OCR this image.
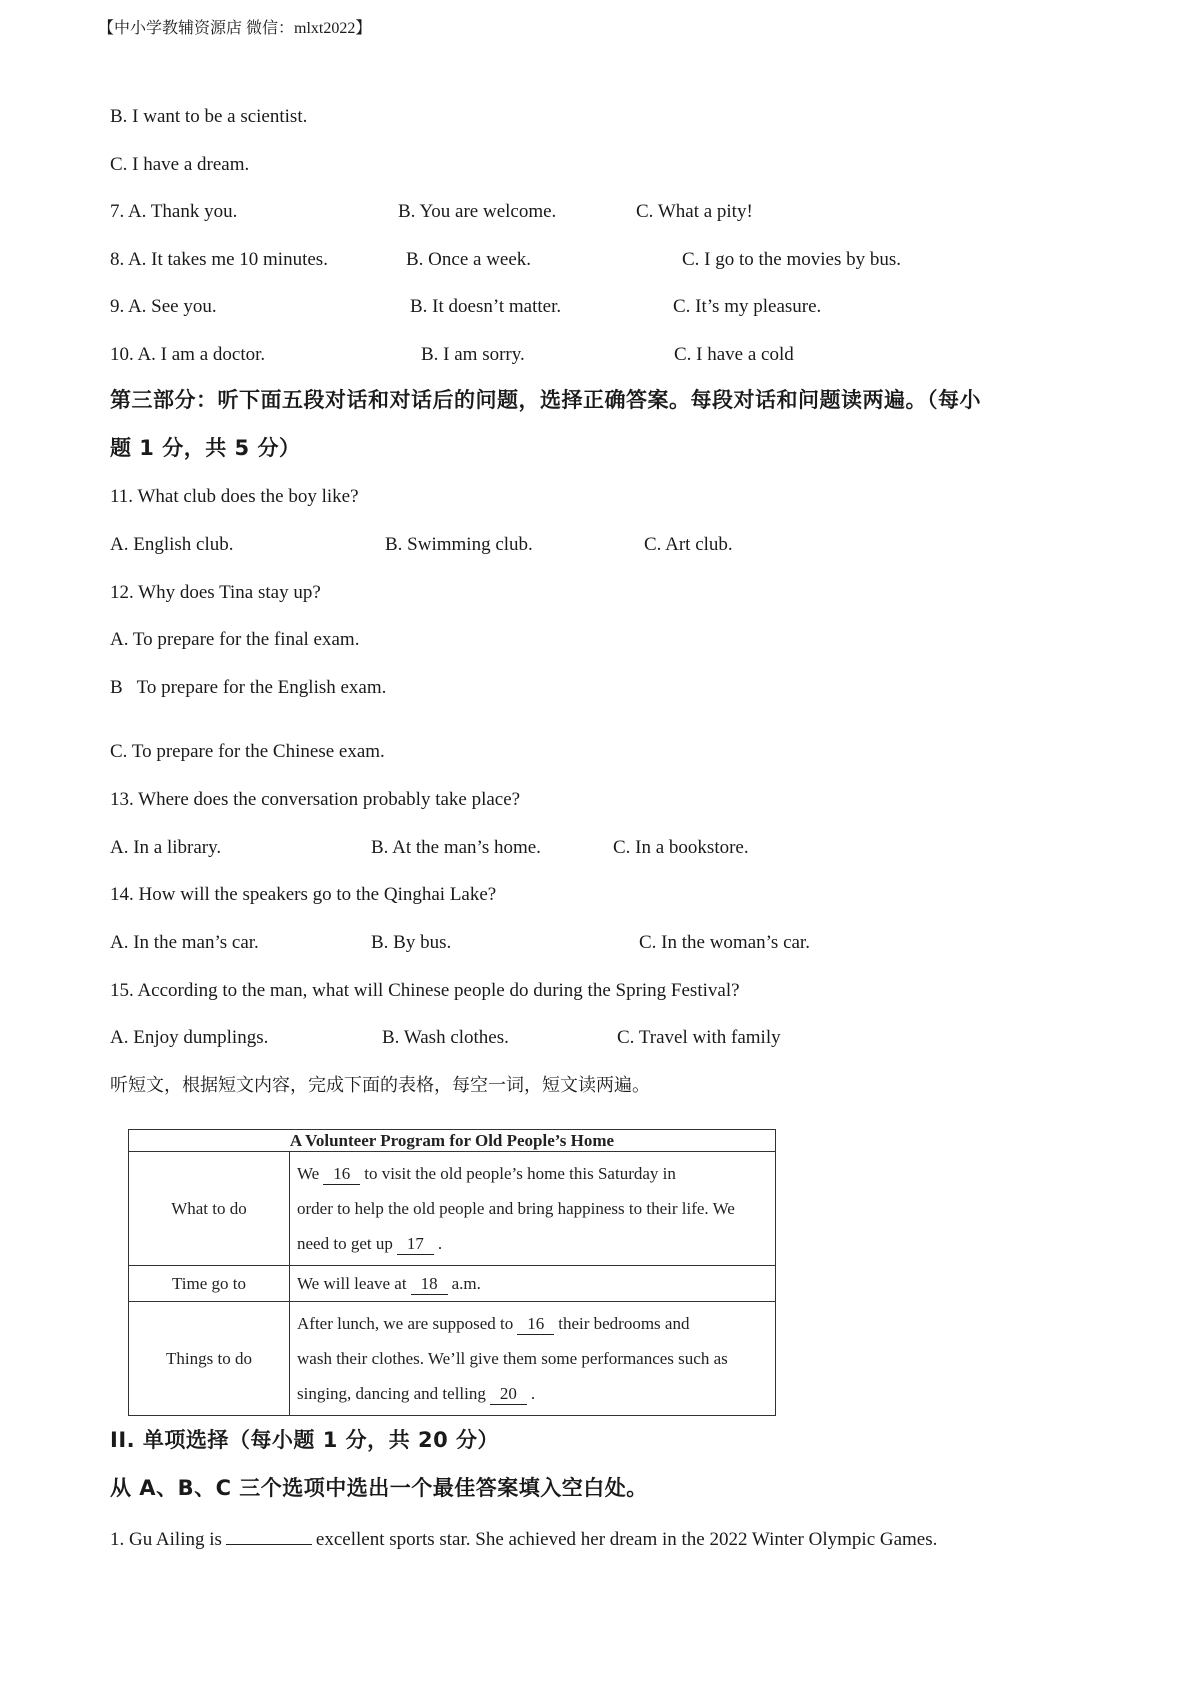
【中小学教辅资源店 微信：mlxt2022】
B. I want to be a scientist.
C. I have a dream.
7. A. Thank you.	B. You are welcome.	C. What a pity!
8. A. It takes me 10 minutes.	B. Once a week.	C. I go to the movies by bus.
9. A. See you.	B. It doesn’t matter.	C. It’s my pleasure.
10. A. I am a doctor.	B. I am sorry.	C. I have a cold
第三部分：听下面五段对话和对话后的问题，选择正确答案。每段对话和问题读两遍。（每小
题 1 分，共 5 分）
11. What club does the boy like?
A. English club.	B. Swimming club.	C. Art club.
12. Why does Tina stay up?
A. To prepare for the final exam.
B   To prepare for the English exam.
C. To prepare for the Chinese exam.
13. Where does the conversation probably take place?
A. In a library.	B. At the man’s home.	C. In a bookstore.
14. How will the speakers go to the Qinghai Lake?
A. In the man’s car.	B. By bus.	C. In the woman’s car.
15. According to the man, what will Chinese people do during the Spring Festival?
A. Enjoy dumplings.	B. Wash clothes.	C. Travel with family
听短文，根据短文内容，完成下面的表格，每空一词，短文读两遍。
A Volunteer Program for Old People’s Home	
What to do	We 16 to visit the old people’s home this Saturday in
order to help the old people and bring happiness to their life. We
need to get up 17 .
Time go to	We will leave at 18 a.m.
Things to do	After lunch, we are supposed to 16 their bedrooms and
wash their clothes. We’ll give them some performances such as
singing, dancing and telling 20 .
II. 单项选择（每小题 1 分，共 20 分）
从 A、B、C 三个选项中选出一个最佳答案填入空白处。
1. Gu Ailing is	excellent sports star. She achieved her dream in the 2022 Winter Olympic Games.
